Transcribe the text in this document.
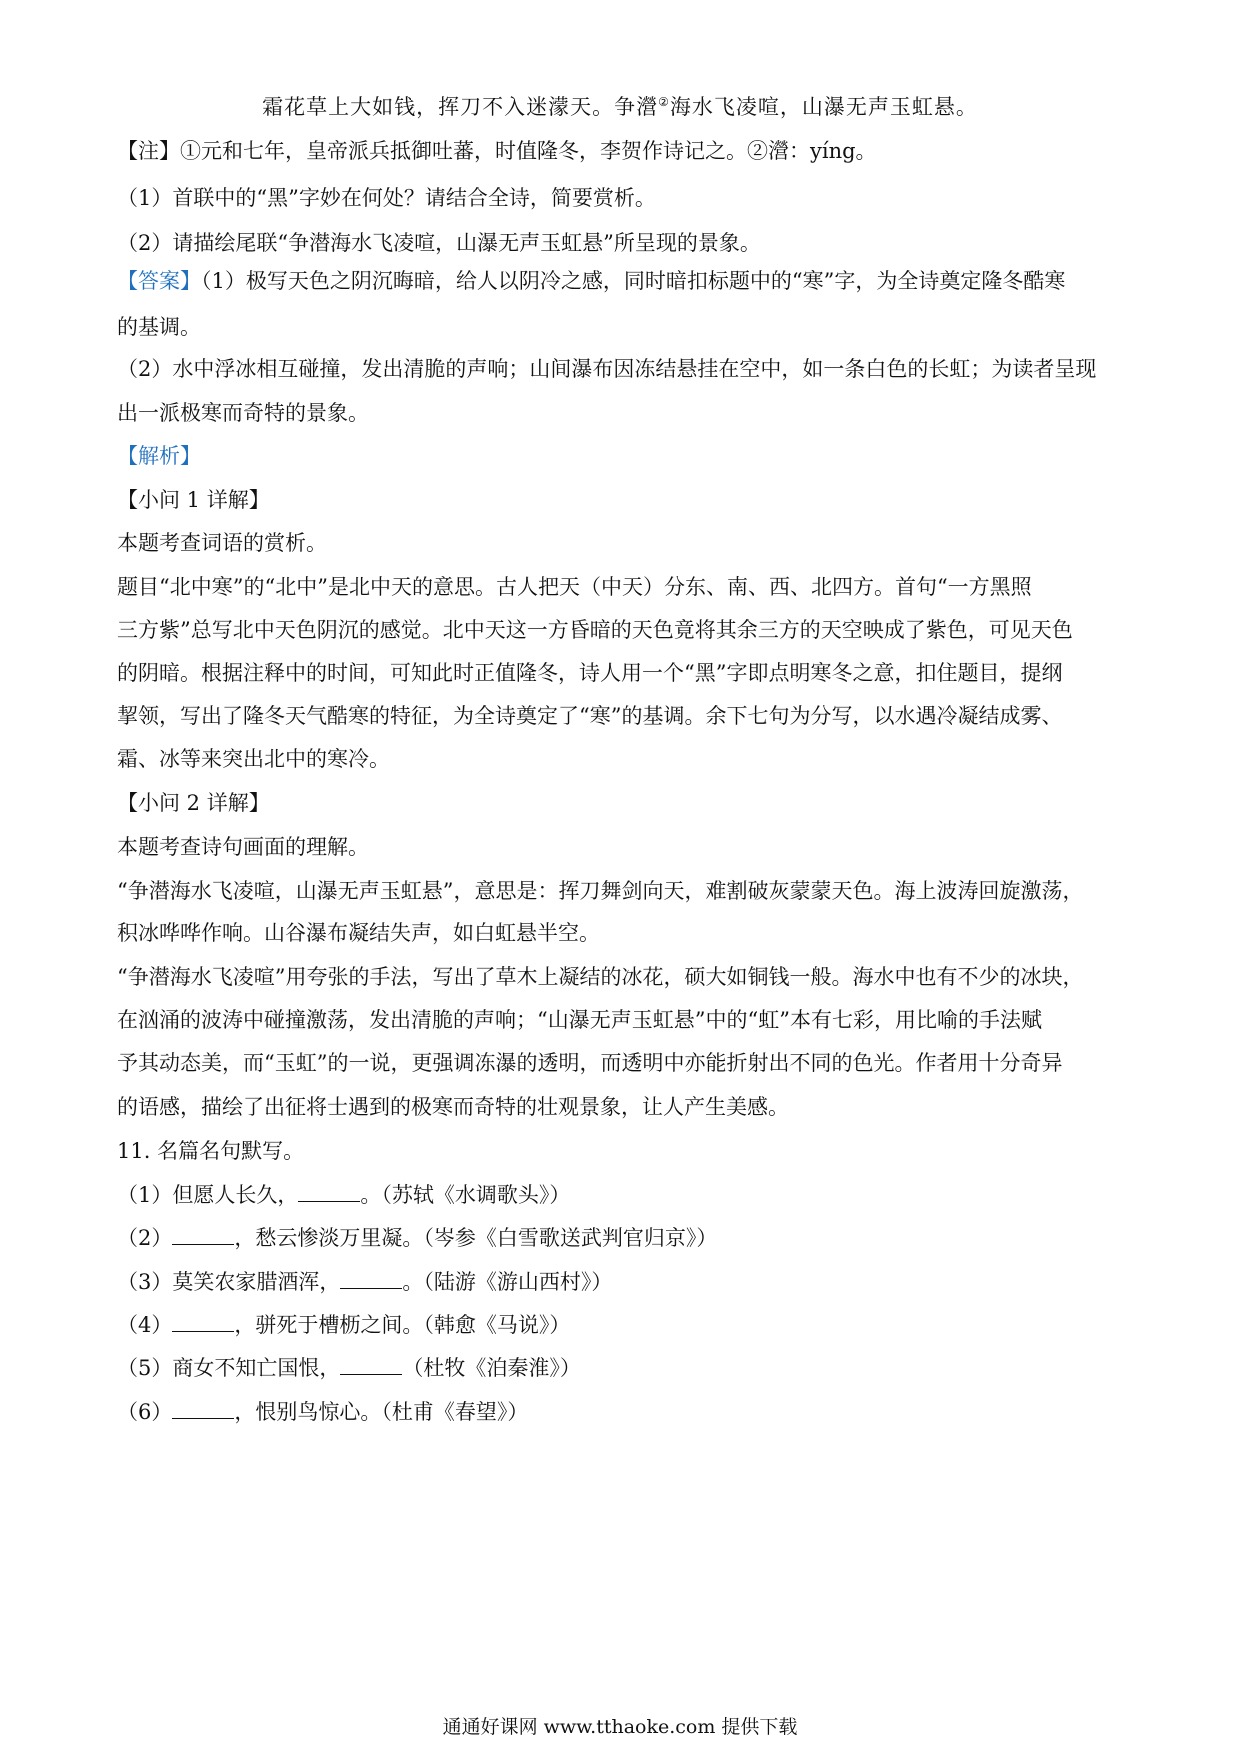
霜花草上大如钱，挥刀不入迷濛天。争瀯②海水飞凌喧，山瀑无声玉虹悬。
【注】①元和七年，皇帝派兵抵御吐蕃，时值隆冬，李贺作诗记之。②瀯：yíng。
（1）首联中的“黑”字妙在何处？请结合全诗，简要赏析。
（2）请描绘尾联“争潜海水飞凌喧，山瀑无声玉虹悬”所呈现的景象。
【答案】（1）极写天色之阴沉晦暗，给人以阴冷之感，同时暗扣标题中的“寒”字，为全诗奠定隆冬酷寒
的基调。
（2）水中浮冰相互碰撞，发出清脆的声响；山间瀑布因冻结悬挂在空中，如一条白色的长虹；为读者呈现
出一派极寒而奇特的景象。
【解析】
【小问 1 详解】
本题考查词语的赏析。
题目“北中寒”的“北中”是北中天的意思。古人把天（中天）分东、南、西、北四方。首句“一方黑照
三方紫”总写北中天色阴沉的感觉。北中天这一方昏暗的天色竟将其余三方的天空映成了紫色，可见天色
的阴暗。根据注释中的时间，可知此时正值隆冬，诗人用一个“黑”字即点明寒冬之意，扣住题目，提纲
挈领，写出了隆冬天气酷寒的特征，为全诗奠定了“寒”的基调。余下七句为分写，以水遇冷凝结成雾、
霜、冰等来突出北中的寒冷。
【小问 2 详解】
本题考查诗句画面的理解。
“争潜海水飞凌喧，山瀑无声玉虹悬”，意思是：挥刀舞剑向天，难割破灰蒙蒙天色。海上波涛回旋激荡，
积冰哗哗作响。山谷瀑布凝结失声，如白虹悬半空。
“争潜海水飞凌喧”用夸张的手法，写出了草木上凝结的冰花，硕大如铜钱一般。海水中也有不少的冰块，
在汹涌的波涛中碰撞激荡，发出清脆的声响；“山瀑无声玉虹悬”中的“虹”本有七彩，用比喻的手法赋
予其动态美，而“玉虹”的一说，更强调冻瀑的透明，而透明中亦能折射出不同的色光。作者用十分奇异
的语感，描绘了出征将士遇到的极寒而奇特的壮观景象，让人产生美感。
11. 名篇名句默写。
（1）但愿人长久，	。（苏轼《水调歌头》）
（2）	，愁云惨淡万里凝。（岑参《白雪歌送武判官归京》）
（3）莫笑农家腊酒浑，	。（陆游《游山西村》）
（4）	，骈死于槽枥之间。（韩愈《马说》）
（5）商女不知亡国恨，	（杜牧《泊秦淮》）
（6）	，恨别鸟惊心。（杜甫《春望》）
通通好课网 www.tthaoke.com 提供下载
